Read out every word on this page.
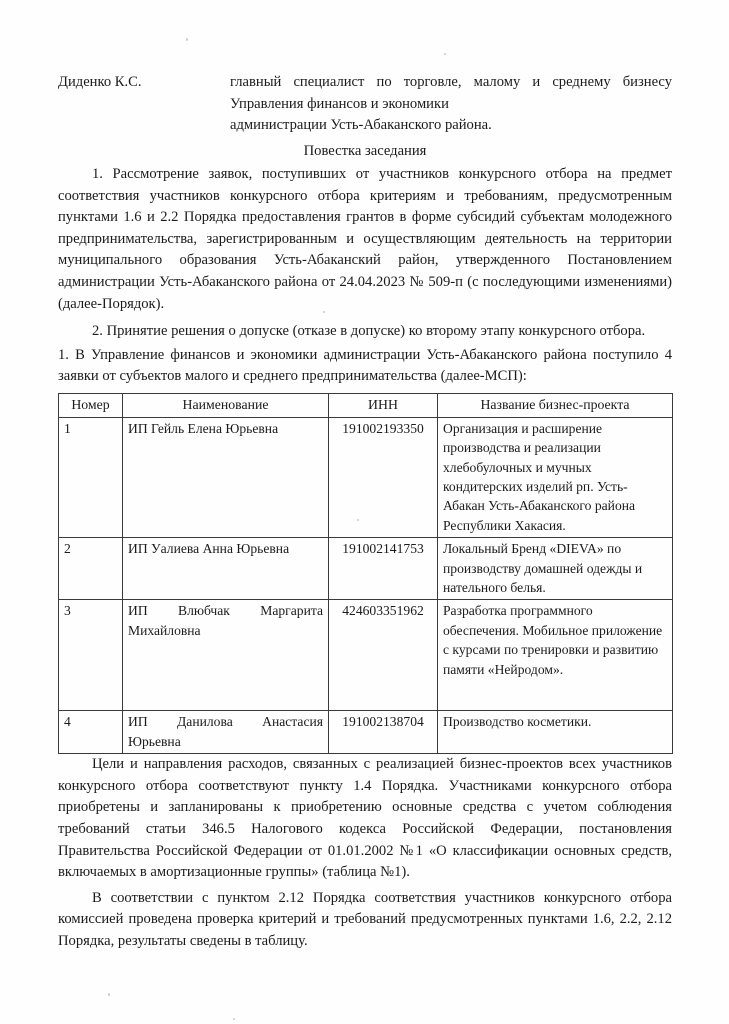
Диденко К.С.	главный специалист по торговле, малому и среднему бизнесу Управления финансов и экономики
администрации Усть-Абаканского района.
Повестка заседания

1. Рассмотрение заявок, поступивших от участников конкурсного отбора на предмет соответствия участников конкурсного отбора критериям и требованиям, предусмотренным пунктами 1.6 и 2.2 Порядка предоставления грантов в форме субсидий субъектам молодежного предпринимательства, зарегистрированным и осуществляющим деятельность на территории муниципального образования Усть-Абаканский район, утвержденного Постановлением администрации Усть-Абаканского района от 24.04.2023 № 509-п (с последующими изменениями) (далее-Порядок).

2. Принятие решения о допуске (отказе в допуске) ко второму этапу конкурсного отбора.

1. В Управление финансов и экономики администрации Усть-Абаканского района поступило 4 заявки от субъектов малого и среднего предпринимательства (далее-МСП):

Номер	Наименование	ИНН	Название бизнес-проекта
1	ИП Гейль Елена Юрьевна	191002193350	Организация и расширение производства и реализации хлебобулочных и мучных кондитерских изделий рп. Усть-Абакан Усть-Абаканского района Республики Хакасия.
2	ИП Уалиева Анна Юрьевна	191002141753	Локальный Бренд «DIEVA» по производству домашней одежды и нательного белья.
3	ИП Влюбчак Маргарита Михайловна	424603351962	Разработка программного обеспечения. Мобильное приложение с курсами по тренировки и развитию памяти «Нейродом».
4	ИП Данилова Анастасия Юрьевна	191002138704	Производство косметики.

Цели и направления расходов, связанных с реализацией бизнес-проектов всех участников конкурсного отбора соответствуют пункту 1.4 Порядка. Участниками конкурсного отбора приобретены и запланированы к приобретению основные средства с учетом соблюдения требований статьи 346.5 Налогового кодекса Российской Федерации, постановления Правительства Российской Федерации от 01.01.2002 №1 «О классификации основных средств, включаемых в амортизационные группы» (таблица №1).

В соответствии с пунктом 2.12 Порядка соответствия участников конкурсного отбора комиссией проведена проверка критерий и требований предусмотренных пунктами 1.6, 2.2, 2.12 Порядка, результаты сведены в таблицу.
